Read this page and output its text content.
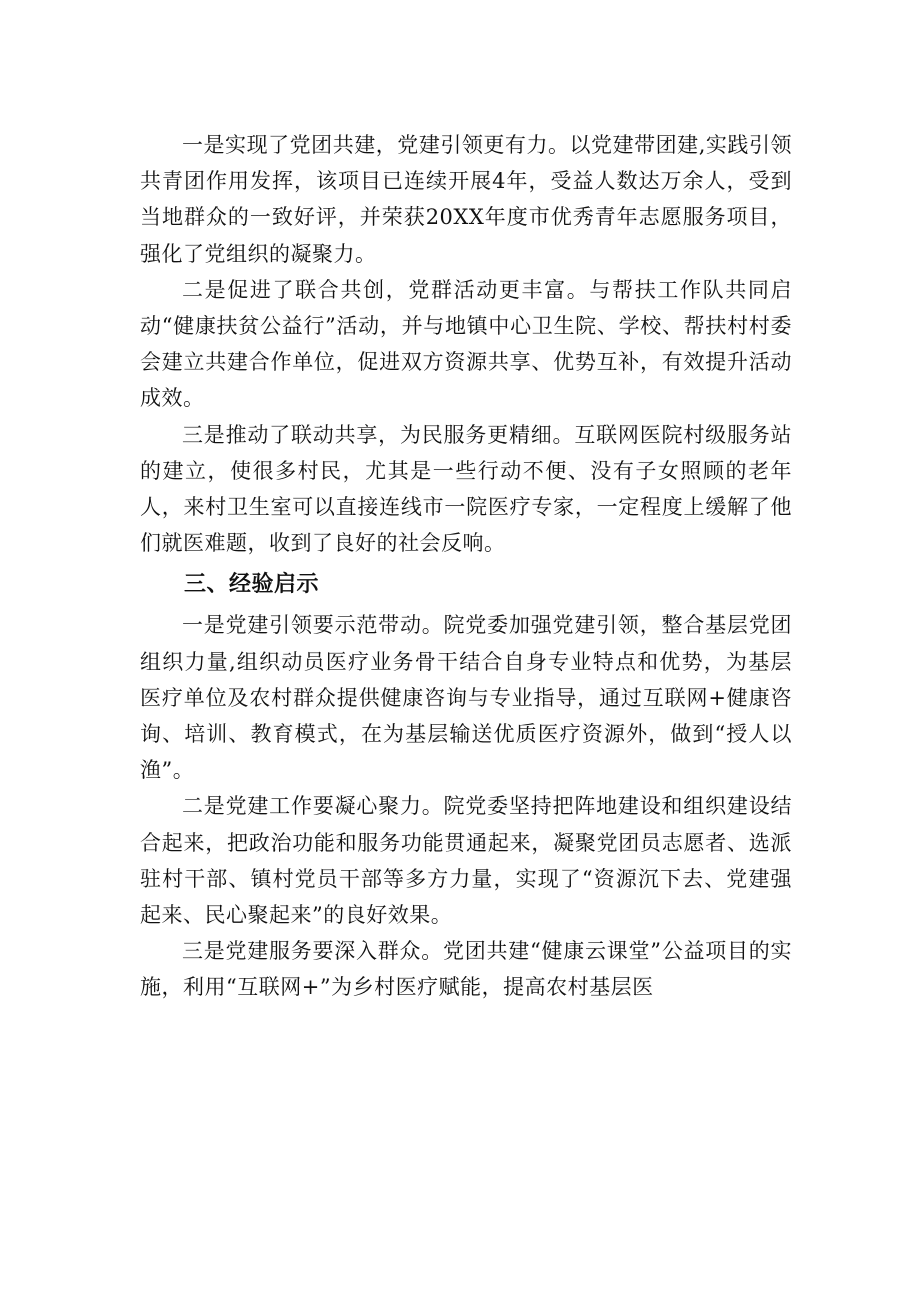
一是实现了党团共建，党建引领更有力。以党建带团建,实践引领共青团作用发挥，该项目已连续开展4年，受益人数达万余人，受到当地群众的一致好评，并荣获20XX年度市优秀青年志愿服务项目，强化了党组织的凝聚力。

二是促进了联合共创，党群活动更丰富。与帮扶工作队共同启动“健康扶贫公益行”活动，并与地镇中心卫生院、学校、帮扶村村委会建立共建合作单位，促进双方资源共享、优势互补，有效提升活动成效。

三是推动了联动共享，为民服务更精细。互联网医院村级服务站的建立，使很多村民，尤其是一些行动不便、没有子女照顾的老年人，来村卫生室可以直接连线市一院医疗专家，一定程度上缓解了他们就医难题，收到了良好的社会反响。

三、经验启示

一是党建引领要示范带动。院党委加强党建引领，整合基层党团组织力量,组织动员医疗业务骨干结合自身专业特点和优势，为基层医疗单位及农村群众提供健康咨询与专业指导，通过互联网+健康咨询、培训、教育模式，在为基层输送优质医疗资源外，做到“授人以渔”。

二是党建工作要凝心聚力。院党委坚持把阵地建设和组织建设结合起来，把政治功能和服务功能贯通起来，凝聚党团员志愿者、选派驻村干部、镇村党员干部等多方力量，实现了“资源沉下去、党建强起来、民心聚起来”的良好效果。

三是党建服务要深入群众。党团共建“健康云课堂”公益项目的实施，利用“互联网+”为乡村医疗赋能，提高农村基层医
